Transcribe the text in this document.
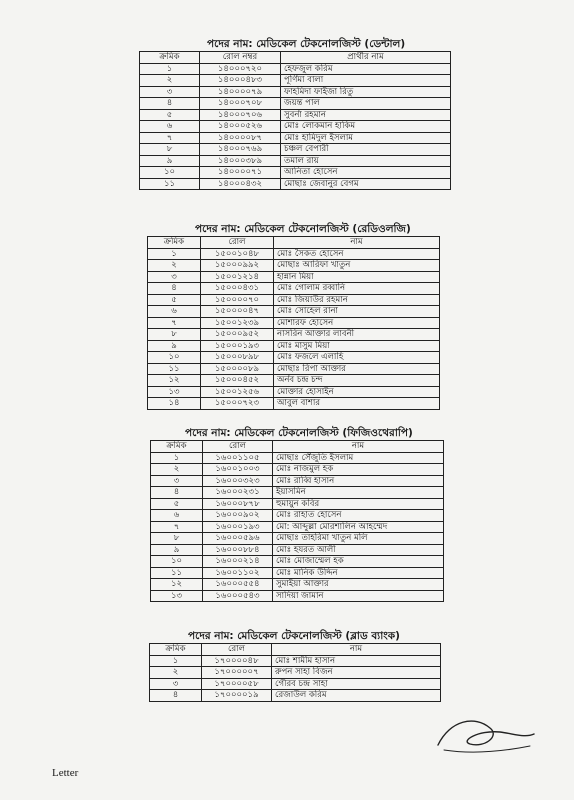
পদের নাম: মেডিকেল টেকনোলজিস্ট (ডেন্টাল)
ক্রমিক	রোল নম্বর	প্রার্থীর নাম
১	১৪০০০৭২০	হেফজুল করিম
২	১৪০০০৪৮৩	পূর্ণিমা বালা
৩	১৪০০০০৭৯	ফাহমিদা ফাইজা রিতু
৪	১৪০০০৭০৮	জয়ন্ত পাল
৫	১৪০০০৭০৬	সুবর্না রহমান
৬	১৪০০০৫২৬	মোঃ লোকমান হাকিম
৭	১৪০০০০৮৭	মোঃ হামিদুল ইসলাম
৮	১৪০০০৭৬৯	চঞ্চল বেপারী
৯	১৪০০০৩৮৯	তমাল রায়
১০	১৪০০০০৭১	আনিতা হোসেন
১১	১৪০০০৪৩২	মোছাঃ জেবানুর বেগম
পদের নাম: মেডিকেল টেকনোলজিস্ট (রেডিওলজি)
ক্রমিক	রোল	নাম
১	১৫০০১০৪৮	মোঃ সৈকত হোসেন
২	১৫০০০৯৯২	মোছাঃ আরিফা খাতুন
৩	১৫০০১২১৪	হান্নান মিয়া
৪	১৫০০০৪৩১	মোঃ গোলাম রব্বানি
৫	১৫০০০০৭০	মোঃ জিয়াউর রহমান
৬	১৫০০০০৪৭	মোঃ সোহেল রানা
৭	১৫০০১২৩৯	মোশারফ হোসেন
৮	১৫০০০৯৫২	নাসরিন আক্তার লাবনী
৯	১৫০০০১৯৩	মোঃ মাসুম মিয়া
১০	১৫০০০৮৯৮	মোঃ ফজলে এলাহি
১১	১৫০০০০৮৯	মোছাঃ রিপা আক্তার
১২	১৫০০০৪৫২	অর্নব চন্দ্র চন্দ
১৩	১৫০০১২৫৬	মোক্তার হোসাইন
১৪	১৫০০০৭২৩	আবুল বাশার
পদের নাম: মেডিকেল টেকনোলজিস্ট (ফিজিওথেরাপি)
ক্রমিক	রোল	নাম
১	১৬০০১১০৫	মোছাঃ সেঁজুতি ইসলাম
২	১৬০০১০০৩	মোঃ নাজমুল হক
৩	১৬০০০৩২৩	মোঃ রাব্বি হাসান
৪	১৬০০০২৩১	ইয়াসমিন
৫	১৬০০০৮৭৮	হুমায়ুন কবির
৬	১৬০০০৯০২	মোঃ রাহাত হোসেন
৭	১৬০০০১৯৩	মো: আব্দুল্লা মোরশালিন আহম্মেদ
৮	১৬০০০৫৯৬	মোছাঃ তাহরিমা খাতুন মলি
৯	১৬০০০৮৮৪	মোঃ হযরত আলী
১০	১৬০০০২১৪	মোঃ মোজাম্মেল হক
১১	১৬০০১১০২	মোঃ মানিক উদ্দিন
১২	১৬০০০৫৫৪	সুমাইয়া আক্তার
১৩	১৬০০০৫৪৩	সাদিয়া জামান
পদের নাম: মেডিকেল টেকনোলজিস্ট (ব্লাড ব্যাংক)
ক্রমিক	রোল	নাম
১	১৭০০০০৪৮	মোঃ শামীম হাসান
২	১৭০০০০০৭	রুপন সাহা বিজন
৩	১৭০০০০৫৮	গৌরব চন্দ্র সাহা
৪	১৭০০০০১৯	রেজাউল করিম
Letter
